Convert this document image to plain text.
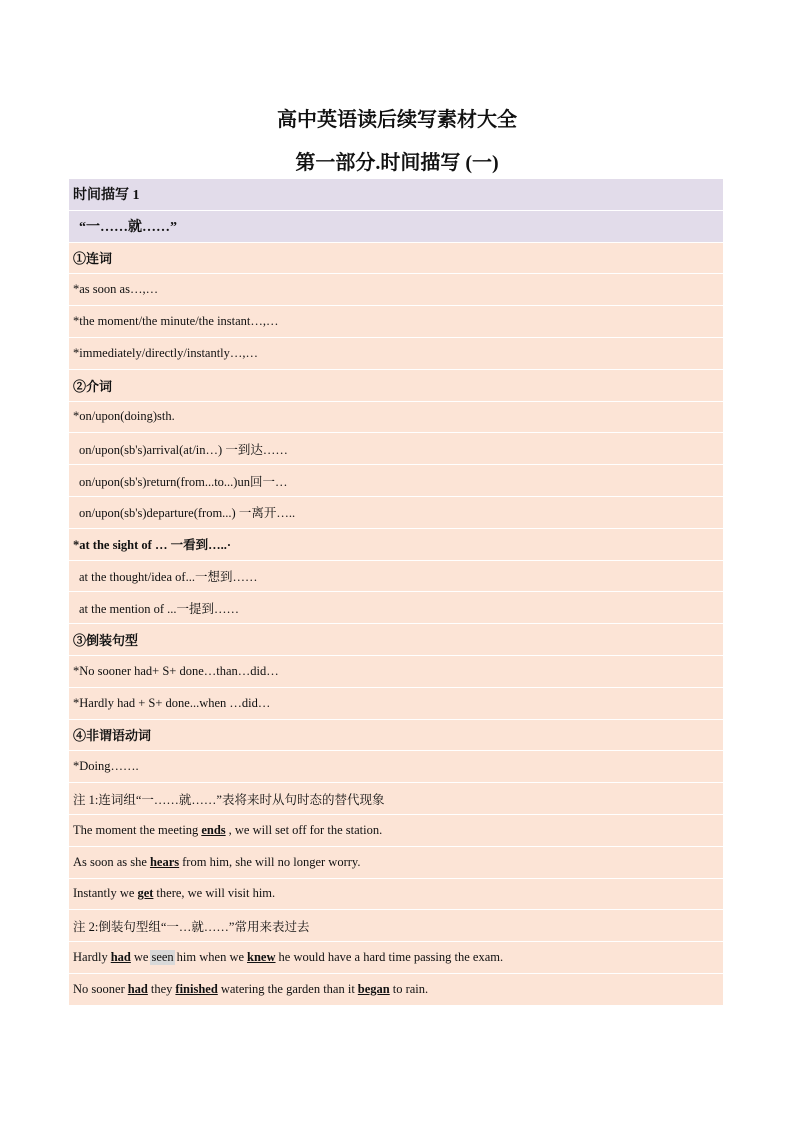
高中英语读后续写素材大全
第一部分.时间描写 (一)
时间描写 1
“一……就……”
①连词
*as soon as…,…
*the moment/the minute/the instant…,…
*immediately/directly/instantly…,…
②介词
*on/upon(doing)sth.
on/upon(sb's)arrival(at/in…) 一到达……
on/upon(sb's)return(from...to...)un回一…
on/upon(sb's)departure(from...) 一离开…..
*at the sight of … 一看到…..·
at the thought/idea of...一想到……
at the mention of ...一提到……
③倒装句型
*No sooner had+ S+ done…than…did…
*Hardly had + S+ done...when …did…
④非谓语动词
*Doing…….
注 1:连词组“一……就……”表将来时从句时态的替代现象
The moment the meeting ends , we will set off for the station.
As soon as she hears from him, she will no longer worry.
Instantly we get there, we will visit him.
注 2:倒装句型组“一…就……”常用来表过去
Hardly had we seen him when we knew he would have a hard time passing the exam.
No sooner had they finished watering the garden than it began to rain.
